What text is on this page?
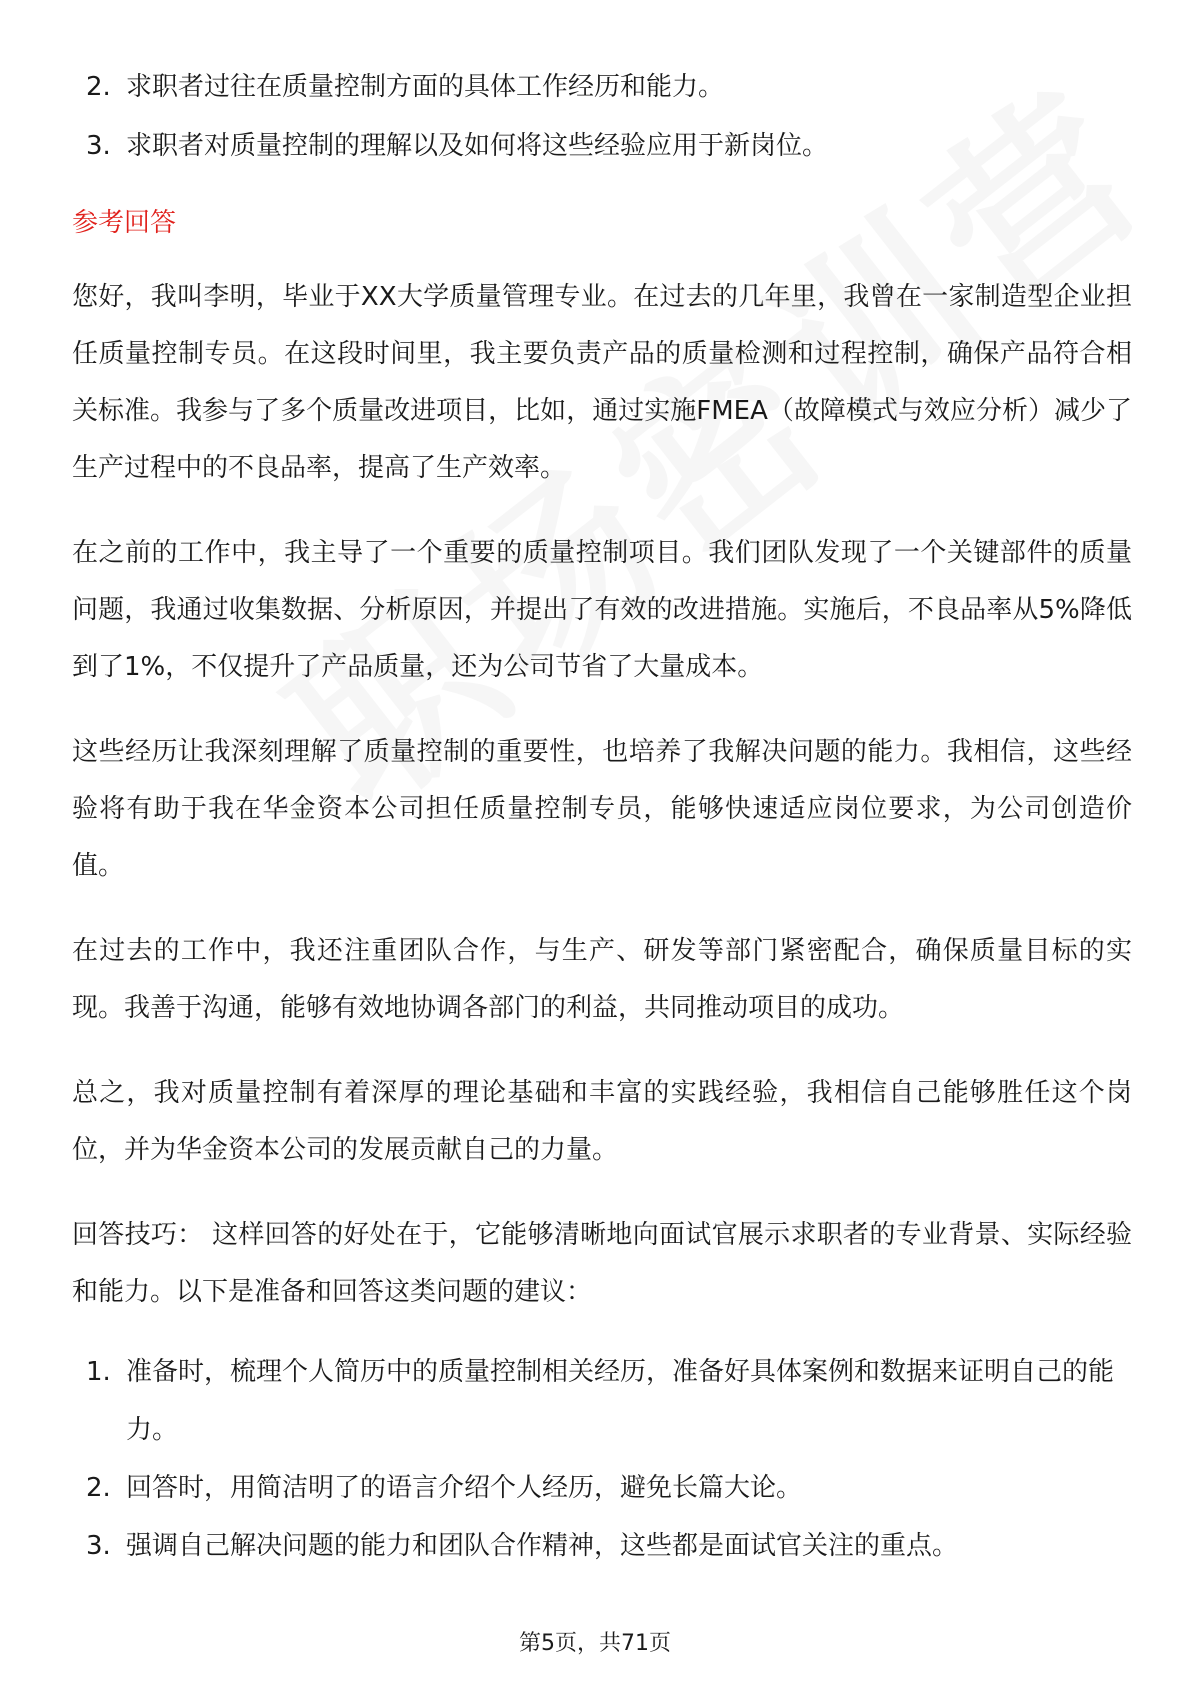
2. 求职者过往在质量控制方面的具体工作经历和能力。
3. 求职者对质量控制的理解以及如何将这些经验应用于新岗位。
参考回答

您好，我叫李明，毕业于XX大学质量管理专业。在过去的几年里，我曾在一家制造型企业担任质量控制专员。在这段时间里，我主要负责产品的质量检测和过程控制，确保产品符合相关标准。我参与了多个质量改进项目，比如，通过实施FMEA（故障模式与效应分析）减少了生产过程中的不良品率，提高了生产效率。

在之前的工作中，我主导了一个重要的质量控制项目。我们团队发现了一个关键部件的质量问题，我通过收集数据、分析原因，并提出了有效的改进措施。实施后，不良品率从5%降低到了1%，不仅提升了产品质量，还为公司节省了大量成本。

这些经历让我深刻理解了质量控制的重要性，也培养了我解决问题的能力。我相信，这些经验将有助于我在华金资本公司担任质量控制专员，能够快速适应岗位要求，为公司创造价值。

在过去的工作中，我还注重团队合作，与生产、研发等部门紧密配合，确保质量目标的实现。我善于沟通，能够有效地协调各部门的利益，共同推动项目的成功。

总之，我对质量控制有着深厚的理论基础和丰富的实践经验，我相信自己能够胜任这个岗位，并为华金资本公司的发展贡献自己的力量。

回答技巧： 这样回答的好处在于，它能够清晰地向面试官展示求职者的专业背景、实际经验和能力。以下是准备和回答这类问题的建议：

1. 准备时，梳理个人简历中的质量控制相关经历，准备好具体案例和数据来证明自己的能力。
2. 回答时，用简洁明了的语言介绍个人经历，避免长篇大论。
3. 强调自己解决问题的能力和团队合作精神，这些都是面试官关注的重点。
第5页，共71页
